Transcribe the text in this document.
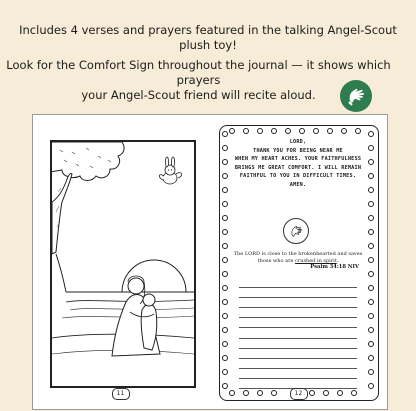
Includes 4 verses and prayers featured in the talking Angel-Scout plush toy!
Look for the Comfort Sign throughout the journal — it shows which prayers
your Angel-Scout friend will recite aloud.
11
LORD,
THANK YOU FOR BEING NEAR ME
WHEN MY HEART ACHES. YOUR FAITHFULNESS
BRINGS ME GREAT COMFORT. I WILL REMAIN
FAITHFUL TO YOU IN DIFFICULT TIMES.
AMEN.
The LORD is close to the brokenhearted and saves
those who are crushed in spirit.
Psalm 34:18 NIV
12
